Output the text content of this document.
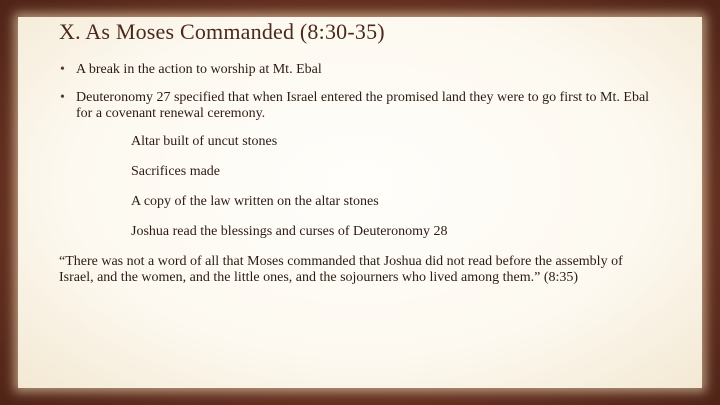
X. As Moses Commanded (8:30-35)
• A break in the action to worship at Mt. Ebal
• Deuteronomy 27 specified that when Israel entered the promised land they were to go first to Mt. Ebal for a covenant renewal ceremony.

Altar built of uncut stones

Sacrifices made

A copy of the law written on the altar stones

Joshua read the blessings and curses of Deuteronomy 28

“There was not a word of all that Moses commanded that Joshua did not read before the assembly of Israel, and the women, and the little ones, and the sojourners who lived among them.” (8:35)
